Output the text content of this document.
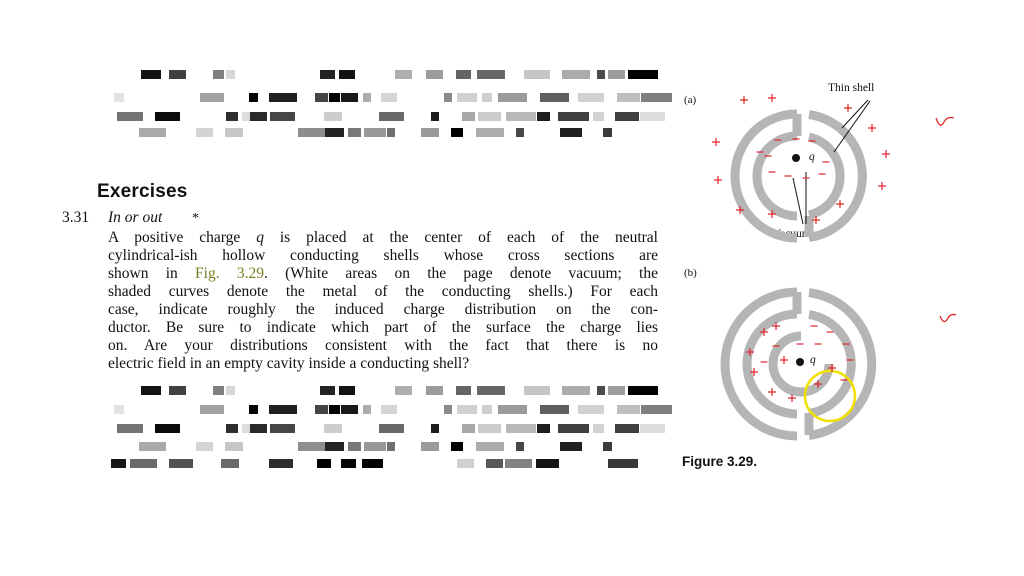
Exercises
3.31 In or out *
A positive charge q is placed at the center of each of the neutral
cylindrical-ish hollow conducting shells whose cross sections are
shown in Fig. 3.29. (White areas on the page denote vacuum; the
shaded curves denote the metal of the conducting shells.) For each
case, indicate roughly the induced charge distribution on the con-
ductor. Be sure to indicate which part of the surface the charge lies
on. Are your distributions consistent with the fact that there is no
electric field in an empty cavity inside a conducting shell?
(a)
(b)
Thin shell
Vacuum
q
q
Figure 3.29.
